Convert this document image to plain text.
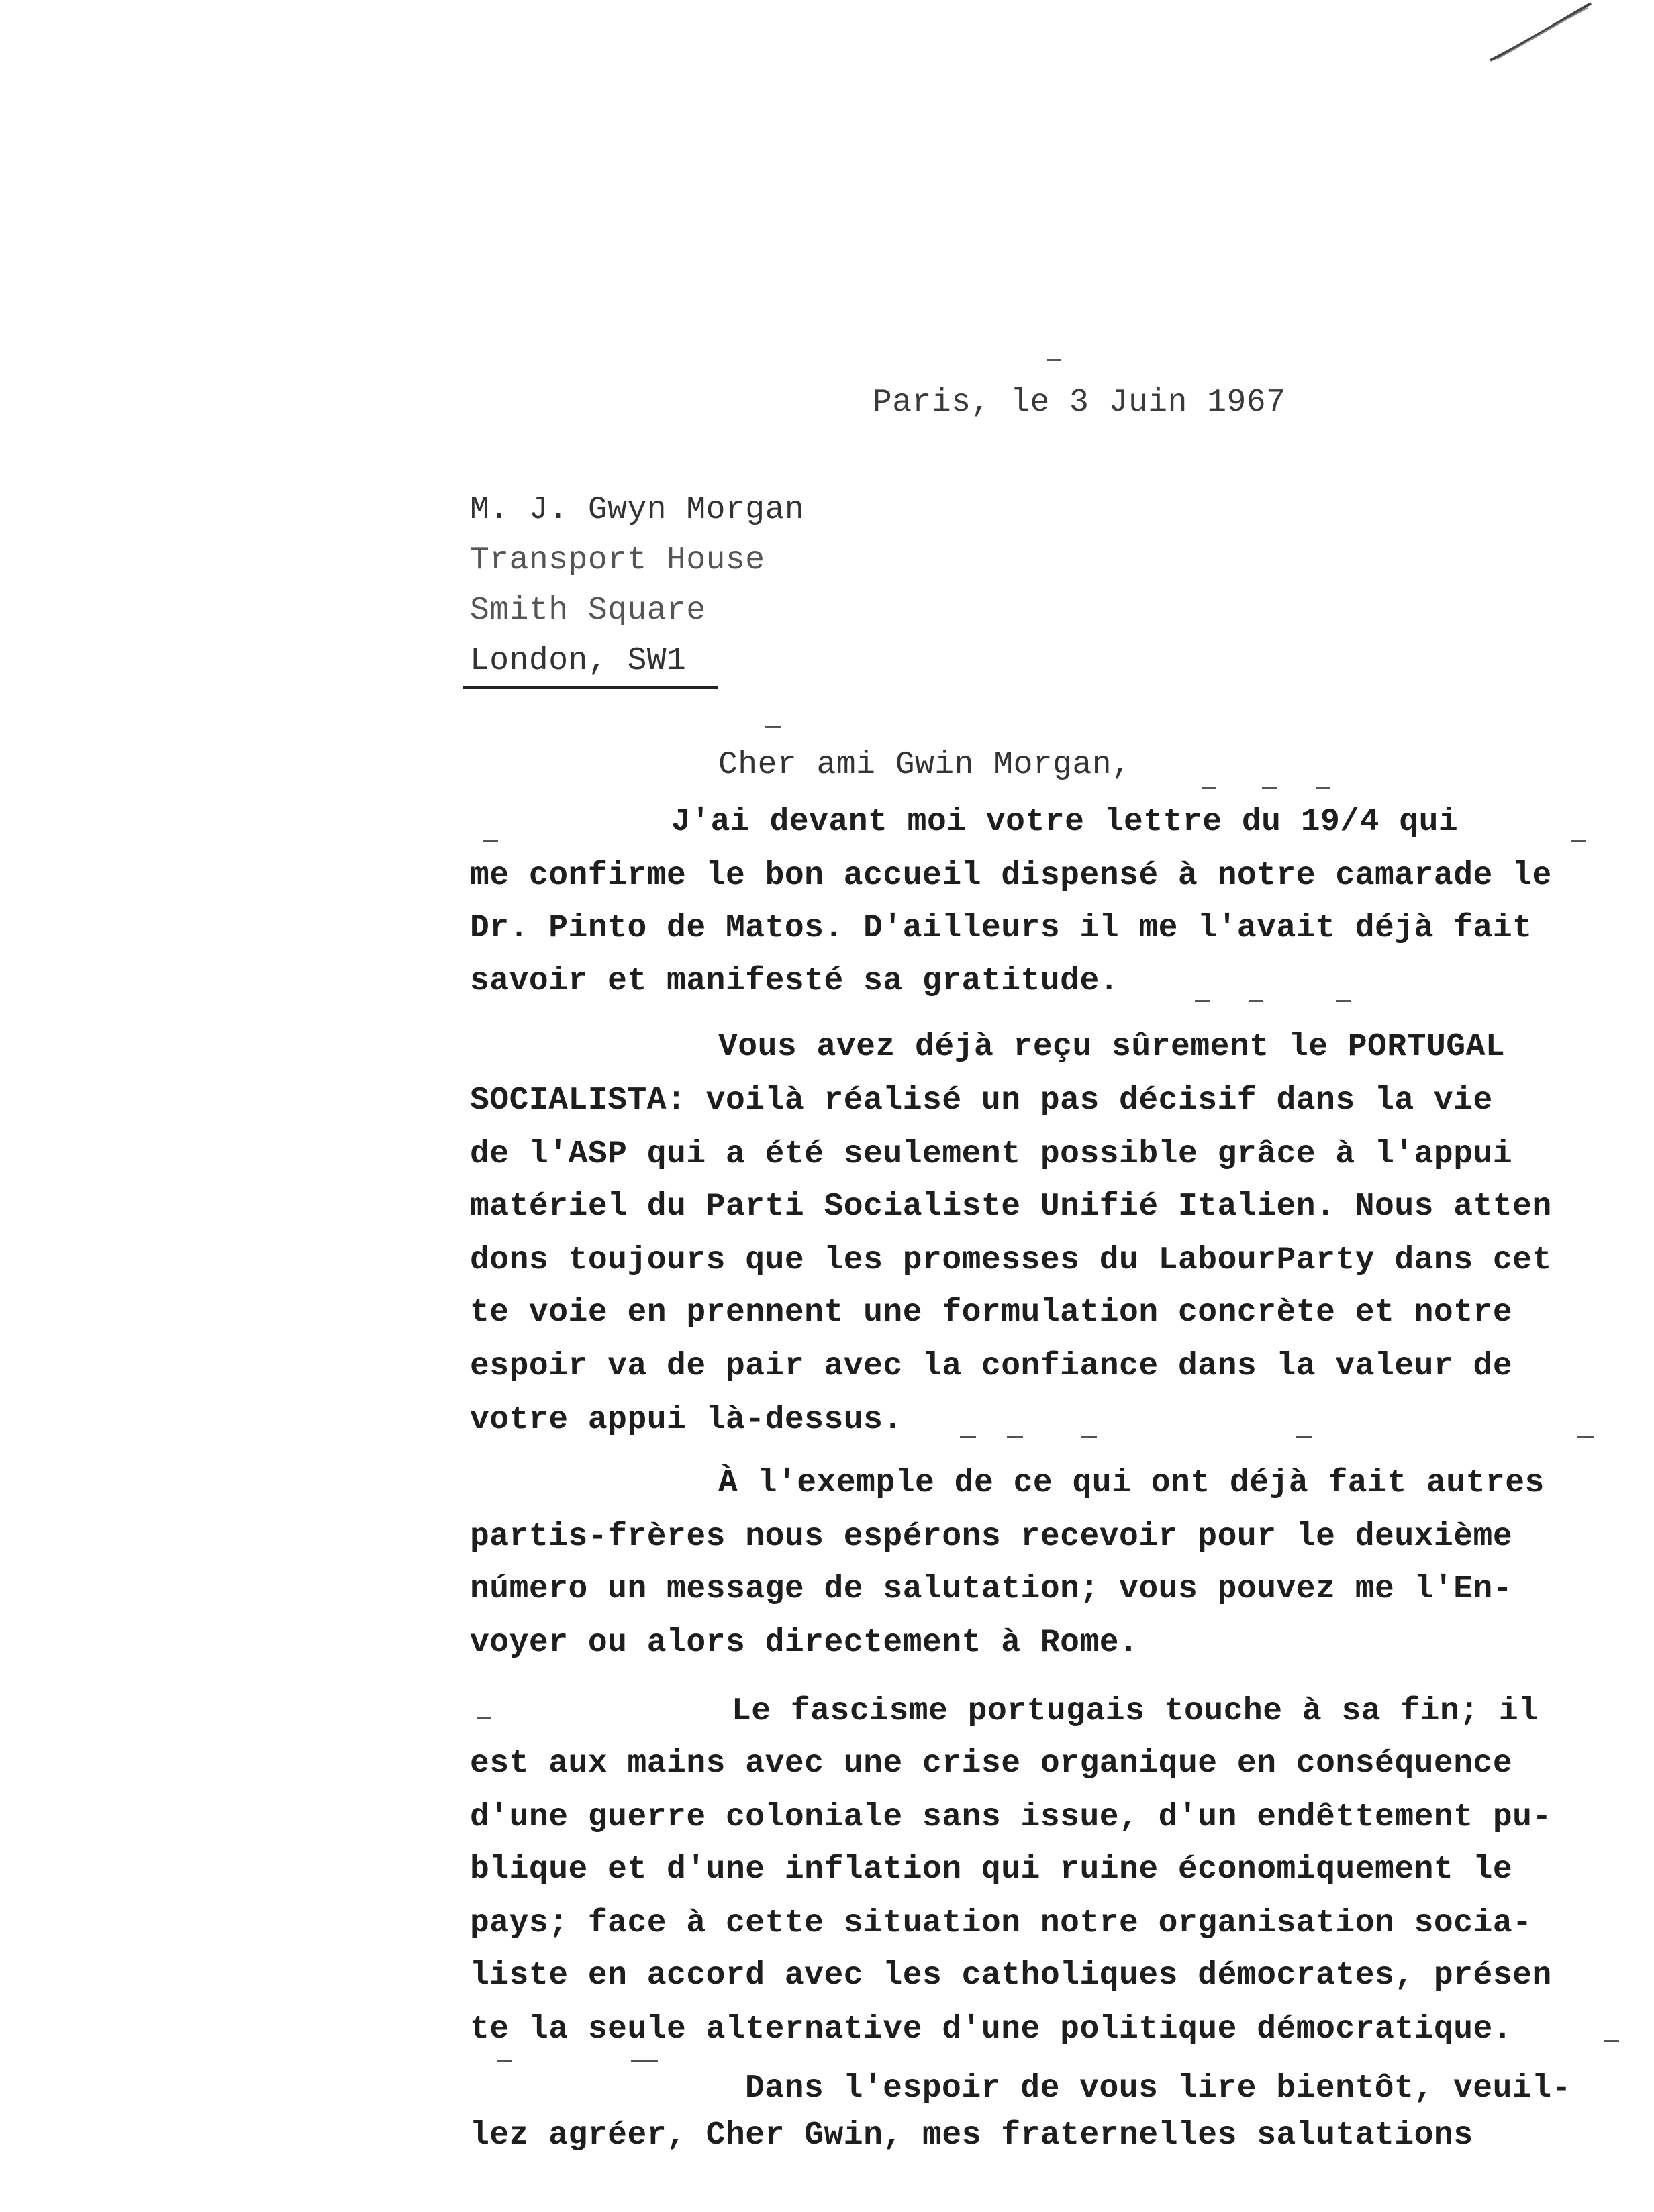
Paris, le 3 Juin 1967
M. J. Gwyn Morgan
Transport House
Smith Square
London, SW1
Cher ami Gwin Morgan,
J'ai devant moi votre lettre du 19/4 qui
me confirme le bon accueil dispensé à notre camarade le
Dr. Pinto de Matos. D'ailleurs il me l'avait déjà fait
savoir et manifesté sa gratitude.
Vous avez déjà reçu sûrement le PORTUGAL
SOCIALISTA: voilà réalisé un pas décisif dans la vie
de l'ASP qui a été seulement possible grâce à l'appui
matériel du Parti Socialiste Unifié Italien. Nous atten
dons toujours que les promesses du LabourParty dans cet
te voie en prennent une formulation concrète et notre
espoir va de pair avec la confiance dans la valeur de
votre appui là-dessus.
À l'exemple de ce qui ont déjà fait autres
partis-frères nous espérons recevoir pour le deuxième
número un message de salutation; vous pouvez me l'En-
voyer ou alors directement à Rome.
Le fascisme portugais touche à sa fin; il
est aux mains avec une crise organique en conséquence
d'une guerre coloniale sans issue, d'un endêttement pu-
blique et d'une inflation qui ruine économiquement le
pays; face à cette situation notre organisation socia-
liste en accord avec les catholiques démocrates, présen
te la seule alternative d'une politique démocratique.
Dans l'espoir de vous lire bientôt, veuil-
lez agréer, Cher Gwin, mes fraternelles salutations
